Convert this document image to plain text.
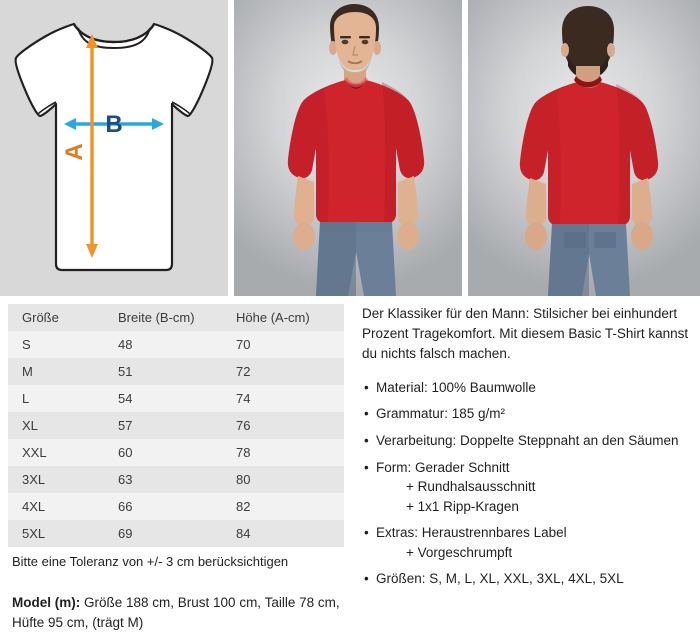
B
A
Größe	Breite (B-cm)	Höhe (A-cm)
S	48	70
M	51	72
L	54	74
XL	57	76
XXL	60	78
3XL	63	80
4XL	66	82
5XL	69	84
Bitte eine Toleranz von +/- 3 cm berücksichtigen
Model (m): Größe 188 cm, Brust 100 cm, Taille 78 cm, Hüfte 95 cm, (trägt M)

Der Klassiker für den Mann: Stilsicher bei einhundert Prozent Tragekomfort. Mit diesem Basic T-Shirt kannst du nichts falsch machen.

• Material: 100% Baumwolle
• Grammatur: 185 g/m²
• Verarbeitung: Doppelte Steppnaht an den Säumen
• Form: Gerader Schnitt
+ Rundhalsausschnitt
+ 1x1 Ripp-Kragen
• Extras: Heraustrennbares Label
+ Vorgeschrumpft
• Größen: S, M, L, XL, XXL, 3XL, 4XL, 5XL
